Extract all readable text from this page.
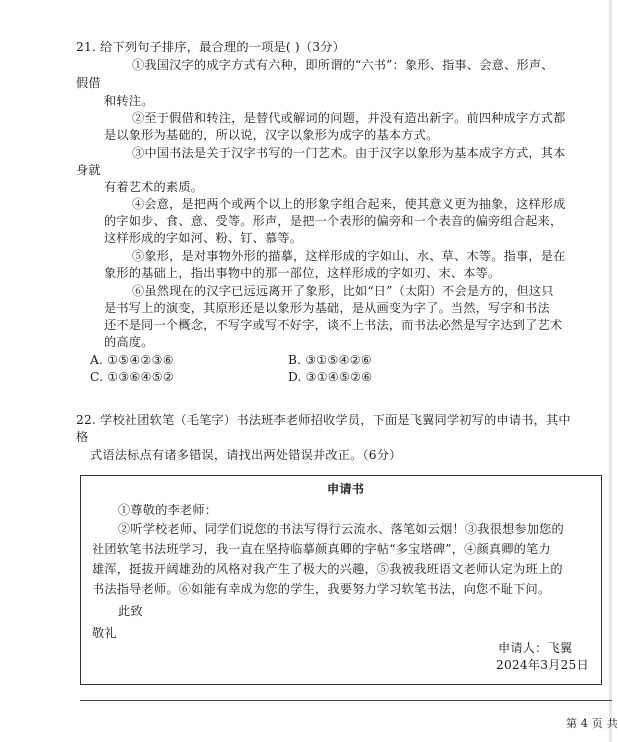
21. 给下列句子排序，最合理的一项是( )（3分）
①我国汉字的成字方式有六种，即所谓的“六书”：象形、指事、会意、形声、
假借
和转注。
②至于假借和转注，是替代或解词的问题，并没有造出新字。前四种成字方式都
是以象形为基础的，所以说，汉字以象形为成字的基本方式。
③中国书法是关于汉字书写的一门艺术。由于汉字以象形为基本成字方式，其本
身就
有着艺术的素质。
④会意，是把两个或两个以上的形象字组合起来，使其意义更为抽象，这样形成
的字如步、食、意、受等。形声，是把一个表形的偏旁和一个表音的偏旁组合起来，
这样形成的字如河、粉、钉、慕等。
⑤象形，是对事物外形的描摹，这样形成的字如山、水、草、木等。指事，是在
象形的基础上，指出事物中的那一部位，这样形成的字如刃、末、本等。
⑥虽然现在的汉字已远远离开了象形，比如“日”（太阳）不会是方的，但这只
是书写上的演变，其原形还是以象形为基础，是从画变为字了。当然，写字和书法
还不是同一个概念，不写字或写不好字，谈不上书法，而书法必然是写字达到了艺术
的高度。
A. ①⑤④②③⑥	B. ③①⑤④②⑥
C. ①③⑥④⑤②	D. ③①④⑤②⑥
22. 学校社团软笔（毛笔字）书法班李老师招收学员，下面是飞翼同学初写的申请书，其中
格
式语法标点有诸多错误，请找出两处错误并改正。（6分）
申请书
①尊敬的李老师：
②听学校老师、同学们说您的书法写得行云流水、落笔如云烟！③我很想参加您的
社团软笔书法班学习，我一直在坚持临摹颜真卿的字帖“多宝塔碑”，④颜真卿的笔力
雄浑，挺拔开阔雄劲的风格对我产生了极大的兴趣，⑤我被我班语文老师认定为班上的
书法指导老师。⑥如能有幸成为您的学生，我要努力学习软笔书法，向您不耻下问。
此致
敬礼
申请人：飞翼
2024年3月25日
第 4 页 共
